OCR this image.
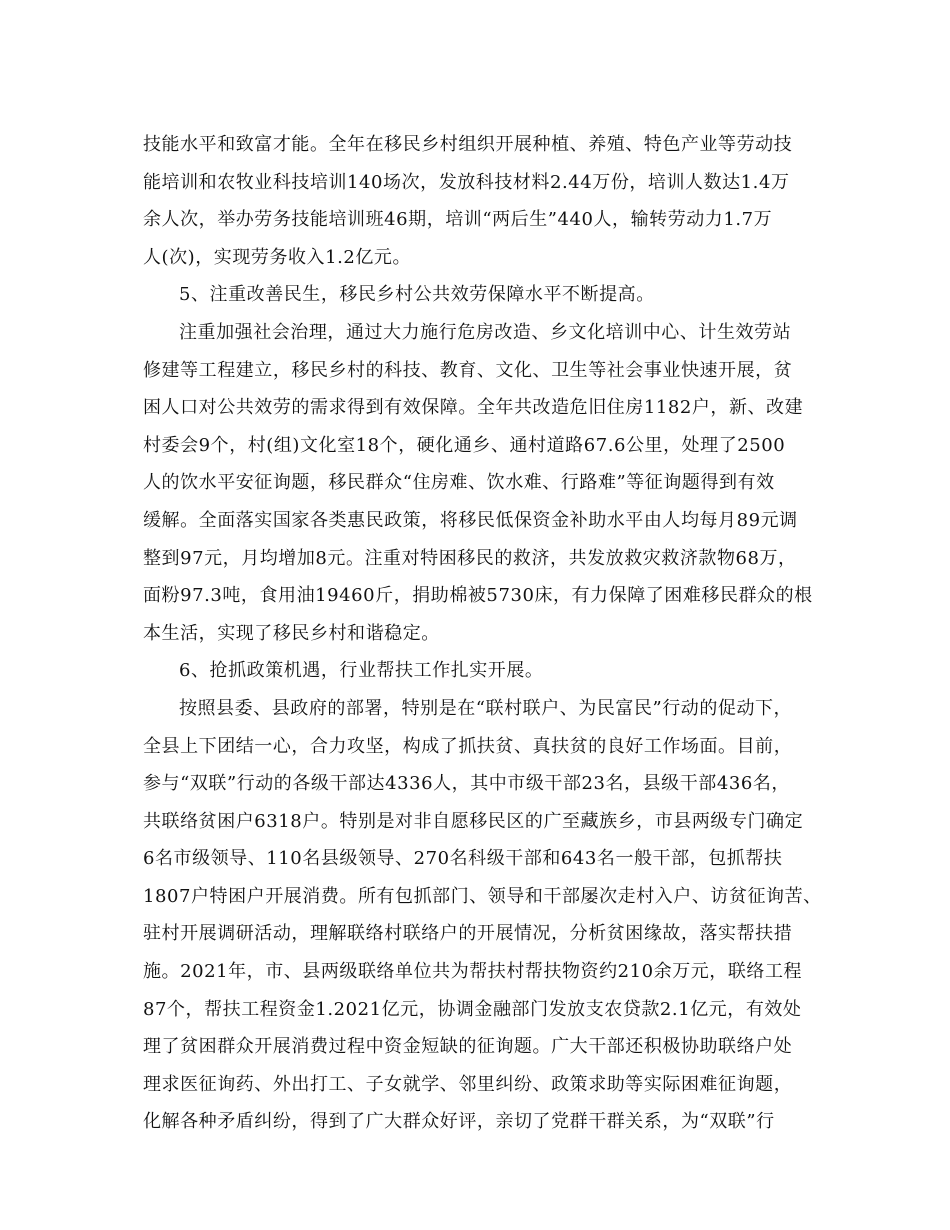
技能水平和致富才能。全年在移民乡村组织开展种植、养殖、特色产业等劳动技
能培训和农牧业科技培训140场次，发放科技材料2.44万份，培训人数达1.4万
余人次，举办劳务技能培训班46期，培训“两后生”440人，输转劳动力1.7万
人(次)，实现劳务收入1.2亿元。
5、注重改善民生，移民乡村公共效劳保障水平不断提高。
注重加强社会治理，通过大力施行危房改造、乡文化培训中心、计生效劳站
修建等工程建立，移民乡村的科技、教育、文化、卫生等社会事业快速开展，贫
困人口对公共效劳的需求得到有效保障。全年共改造危旧住房1182户，新、改建
村委会9个，村(组)文化室18个，硬化通乡、通村道路67.6公里，处理了2500
人的饮水平安征询题，移民群众“住房难、饮水难、行路难”等征询题得到有效
缓解。全面落实国家各类惠民政策，将移民低保资金补助水平由人均每月89元调
整到97元，月均增加8元。注重对特困移民的救济，共发放救灾救济款物68万，
面粉97.3吨，食用油19460斤，捐助棉被5730床，有力保障了困难移民群众的根
本生活，实现了移民乡村和谐稳定。
6、抢抓政策机遇，行业帮扶工作扎实开展。
按照县委、县政府的部署，特别是在“联村联户、为民富民”行动的促动下，
全县上下团结一心，合力攻坚，构成了抓扶贫、真扶贫的良好工作场面。目前，
参与“双联”行动的各级干部达4336人，其中市级干部23名，县级干部436名，
共联络贫困户6318户。特别是对非自愿移民区的广至藏族乡，市县两级专门确定
6名市级领导、110名县级领导、270名科级干部和643名一般干部，包抓帮扶
1807户特困户开展消费。所有包抓部门、领导和干部屡次走村入户、访贫征询苦、
驻村开展调研活动，理解联络村联络户的开展情况，分析贫困缘故，落实帮扶措
施。2021年，市、县两级联络单位共为帮扶村帮扶物资约210余万元，联络工程
87个，帮扶工程资金1.2021亿元，协调金融部门发放支农贷款2.1亿元，有效处
理了贫困群众开展消费过程中资金短缺的征询题。广大干部还积极协助联络户处
理求医征询药、外出打工、子女就学、邻里纠纷、政策求助等实际困难征询题，
化解各种矛盾纠纷，得到了广大群众好评，亲切了党群干群关系，为“双联”行
